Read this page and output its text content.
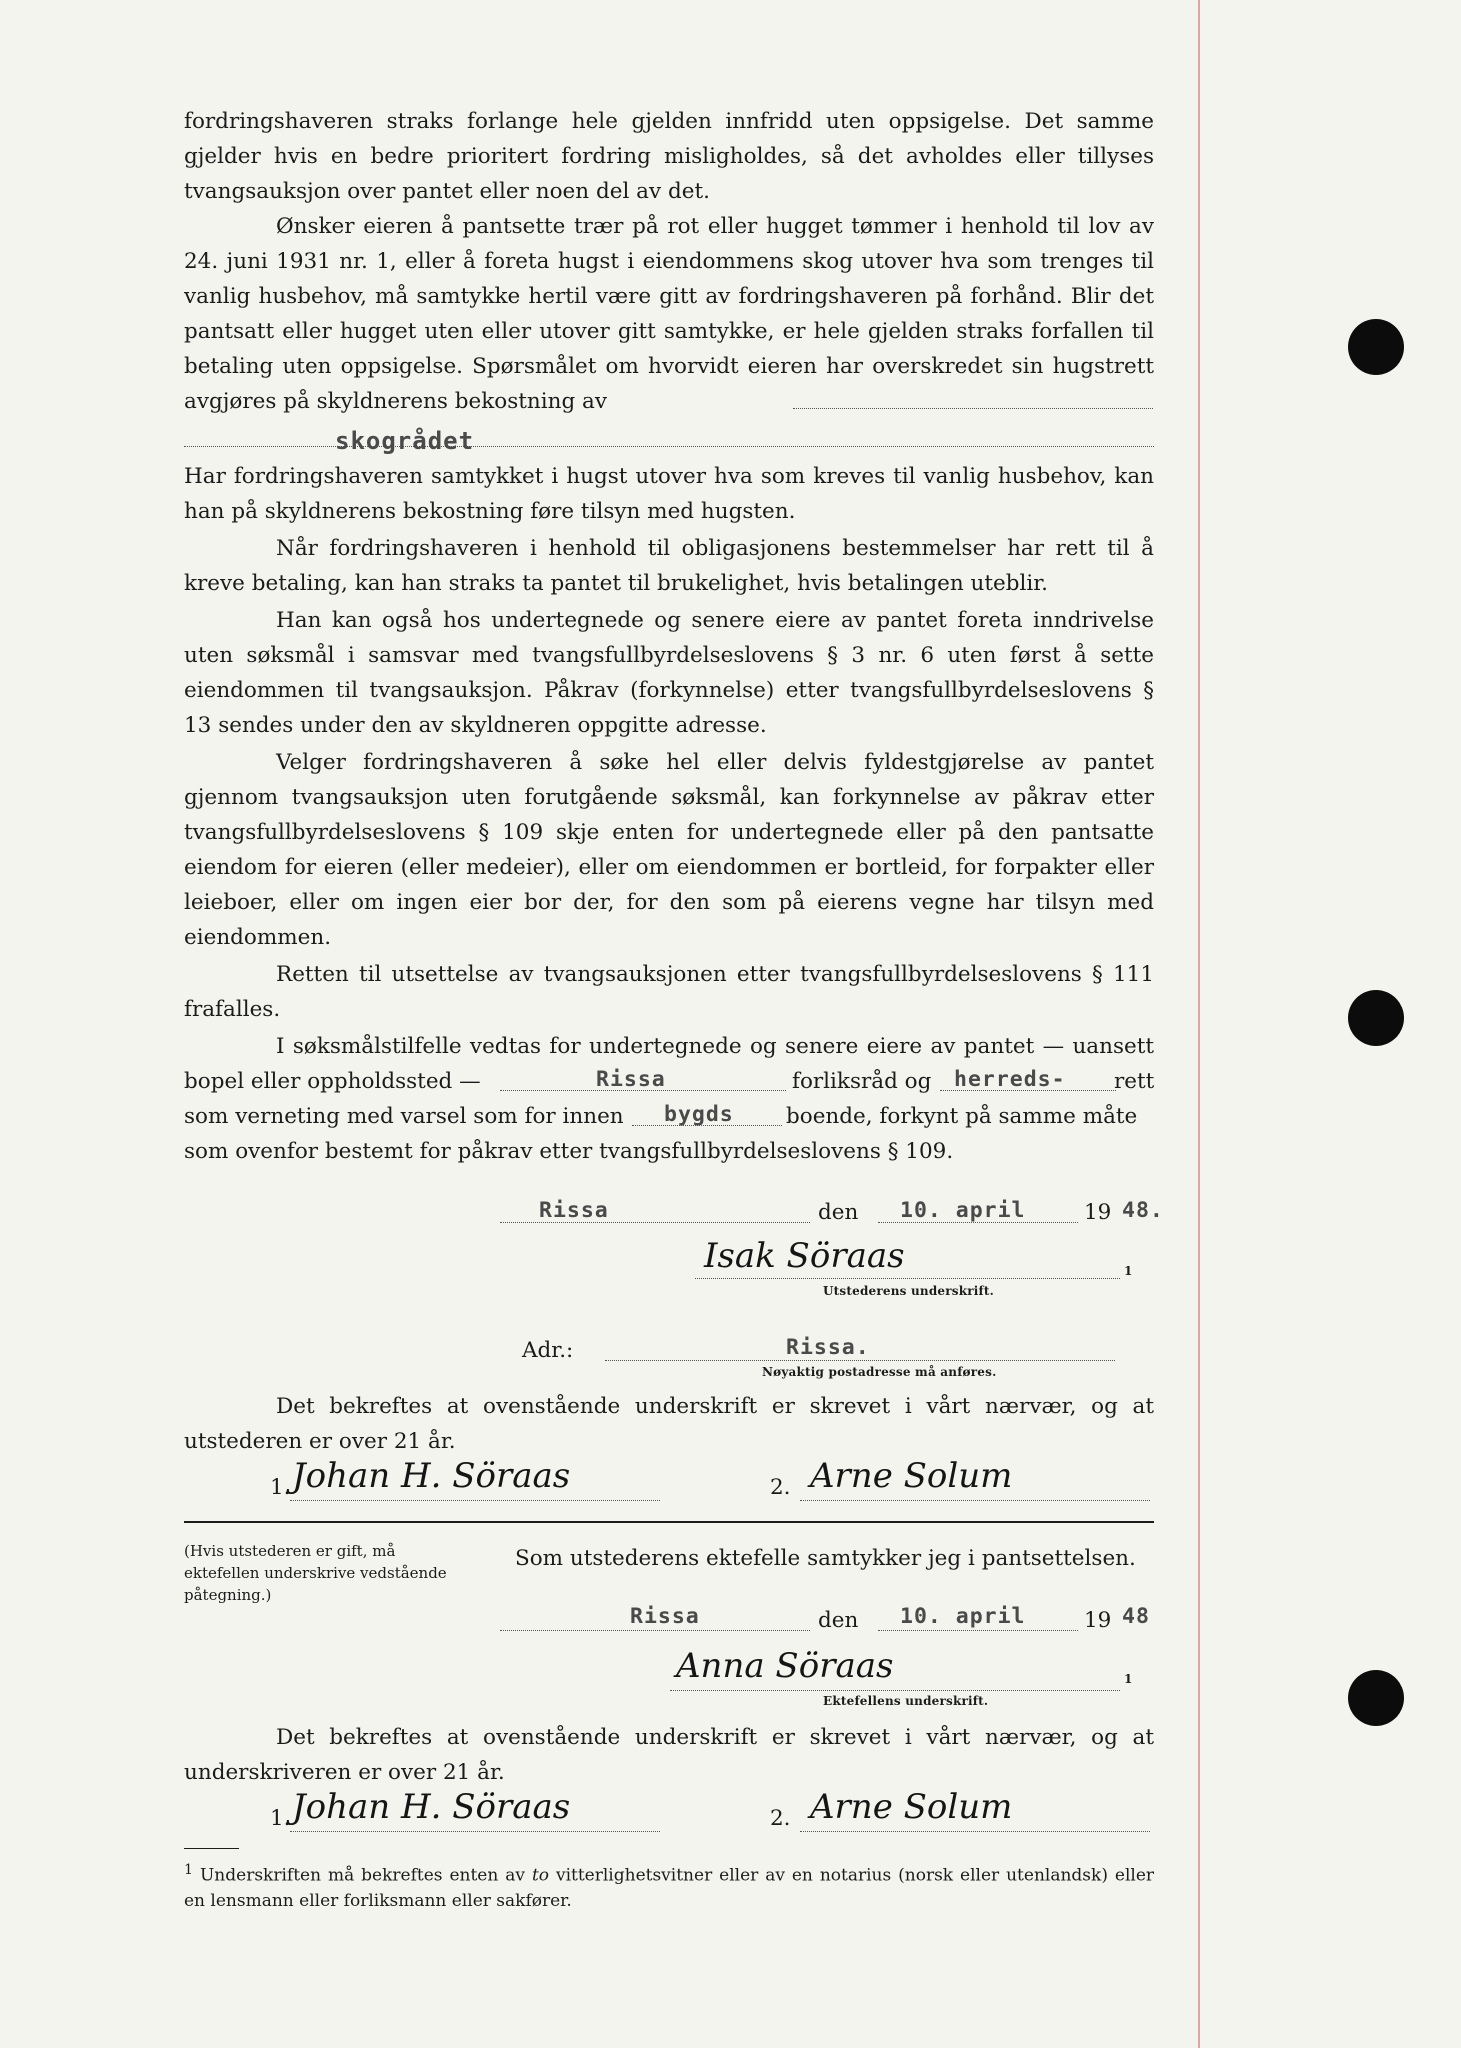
fordringshaveren straks forlange hele gjelden innfridd uten oppsigelse. Det samme gjelder hvis en bedre prioritert fordring misligholdes, så det avholdes eller tillyses tvangsauksjon over pantet eller noen del av det.
Ønsker eieren å pantsette trær på rot eller hugget tømmer i henhold til lov av 24. juni 1931 nr. 1, eller å foreta hugst i eiendommens skog utover hva som trenges til vanlig husbehov, må samtykke hertil være gitt av fordringshaveren på forhånd. Blir det pantsatt eller hugget uten eller utover gitt samtykke, er hele gjelden straks forfallen til betaling uten oppsigelse. Spørsmålet om hvorvidt eieren har overskredet sin hugstrett avgjøres på skyldnerens bekostning av
skogrådet
Har fordringshaveren samtykket i hugst utover hva som kreves til vanlig husbehov, kan han på skyldnerens bekostning føre tilsyn med hugsten.
Når fordringshaveren i henhold til obligasjonens bestemmelser har rett til å kreve betaling, kan han straks ta pantet til brukelighet, hvis betalingen uteblir.
Han kan også hos undertegnede og senere eiere av pantet foreta inndrivelse uten søksmål i samsvar med tvangsfullbyrdelseslovens § 3 nr. 6 uten først å sette eiendommen til tvangsauksjon. Påkrav (forkynnelse) etter tvangsfullbyrdelseslovens § 13 sendes under den av skyldneren oppgitte adresse.
Velger fordringshaveren å søke hel eller delvis fyldestgjørelse av pantet gjennom tvangsauksjon uten forutgående søksmål, kan forkynnelse av påkrav etter tvangsfullbyrdelseslovens § 109 skje enten for undertegnede eller på den pantsatte eiendom for eieren (eller medeier), eller om eiendommen er bortleid, for forpakter eller leieboer, eller om ingen eier bor der, for den som på eierens vegne har tilsyn med eiendommen.
Retten til utsettelse av tvangsauksjonen etter tvangsfullbyrdelseslovens § 111 frafalles.
I søksmålstilfelle vedtas for undertegnede og senere eiere av pantet — uansett
bopel eller oppholdssted —	Rissa	forliksråd og herreds- rett
som verneting med varsel som for innen bygds boende, forkynt på samme måte
som ovenfor bestemt for påkrav etter tvangsfullbyrdelseslovens § 109.
Rissa	den 10. april	19 48.
Isak Söraas	1
Utstederens underskrift.
Adr.:	Rissa.
Nøyaktig postadresse må anføres.
Det bekreftes at ovenstående underskrift er skrevet i vårt nærvær, og at utstederen er over 21 år.
1. Johan H. Söraas	2. Arne Solum
(Hvis utstederen er gift, må ektefellen underskrive vedstående påtegning.)
Som utstederens ektefelle samtykker jeg i pantsettelsen.
Rissa	den 10. april	19 48
Anna Söraas	1
Ektefellens underskrift.
Det bekreftes at ovenstående underskrift er skrevet i vårt nærvær, og at underskriveren er over 21 år.
1. Johan H. Söraas	2. Arne Solum
$^1$ Underskriften må bekreftes enten av to vitterlighetsvitner eller av en notarius (norsk eller utenlandsk) eller en lensmann eller forliksmann eller sakfører.
